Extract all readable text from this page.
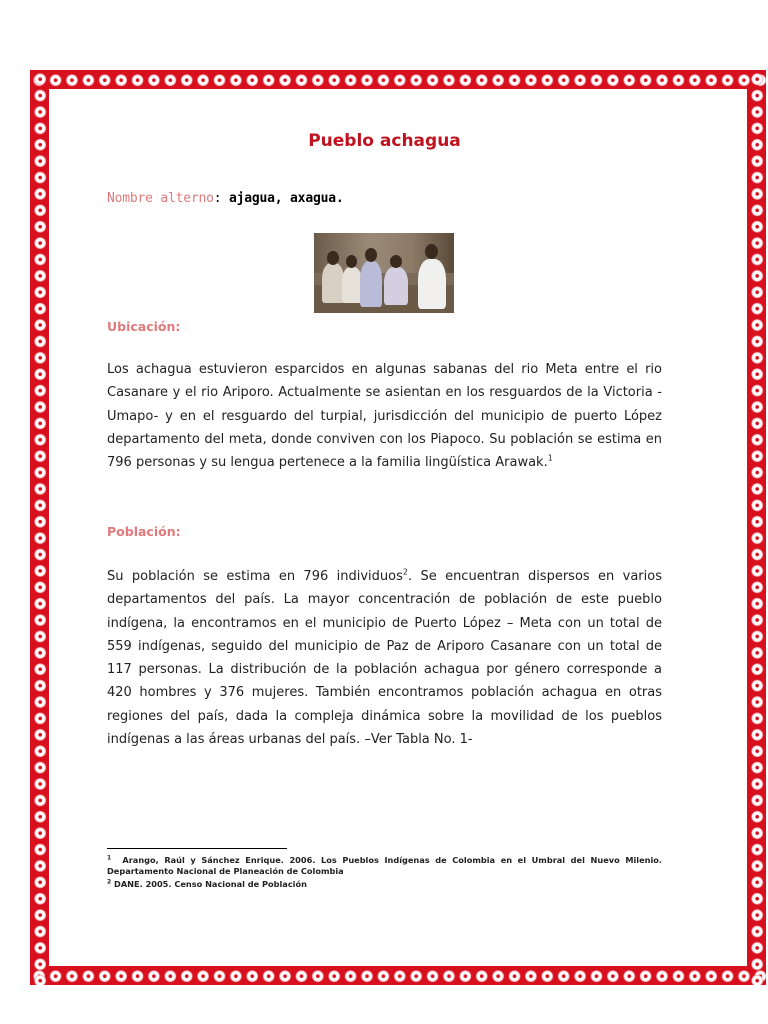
Pueblo achagua
Nombre alterno: ajagua, axagua.
Ubicación:
Los achagua estuvieron esparcidos en algunas sabanas del rio Meta entre el rio Casanare y el rio Ariporo. Actualmente se asientan en los resguardos de la Victoria -Umapo- y en el resguardo del turpial, jurisdicción del municipio de puerto López departamento del meta, donde conviven con los Piapoco. Su población se estima en 796 personas y su lengua pertenece a la familia lingüística Arawak.$^1$
Población:
Su población se estima en 796 individuos$^2$. Se encuentran dispersos en varios departamentos del país. La mayor concentración de población de este pueblo indígena, la encontramos en el municipio de Puerto López – Meta con un total de 559 indígenas, seguido del municipio de Paz de Ariporo Casanare con un total de 117 personas. La distribución de la población achagua por género corresponde a 420 hombres y 376 mujeres. También encontramos población achagua en otras regiones del país, dada la compleja dinámica sobre la movilidad de los pueblos indígenas a las áreas urbanas del país. –Ver Tabla No. 1-
$^1$ Arango, Raúl y Sánchez Enrique. 2006. Los Pueblos Indígenas de Colombia en el Umbral del Nuevo Milenio. Departamento Nacional de Planeación de Colombia
$^2$ DANE. 2005. Censo Nacional de Población
